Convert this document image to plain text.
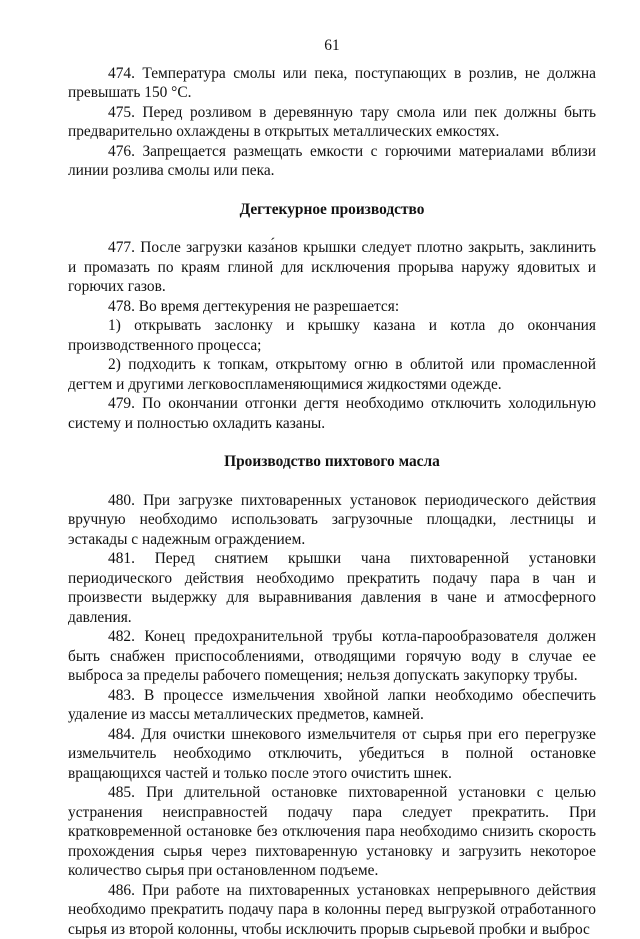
61

474. Температура смолы или пека, поступающих в розлив, не должна превышать 150 °С.

475. Перед розливом в деревянную тару смола или пек должны быть предварительно охлаждены в открытых металлических емкостях.

476. Запрещается размещать емкости с горючими материалами вблизи линии розлива смолы или пека.

Дегтекурное производство

477. После загрузки каза́нов крышки следует плотно закрыть, заклинить и промазать по краям глиной для исключения прорыва наружу ядовитых и горючих газов.

478. Во время дегтекурения не разрешается:

1) открывать заслонку и крышку казана и котла до окончания производственного процесса;

2) подходить к топкам, открытому огню в облитой или промасленной дегтем и другими легковоспламеняющимися жидкостями одежде.

479. По окончании отгонки дегтя необходимо отключить холодильную систему и полностью охладить казаны.

Производство пихтового масла

480. При загрузке пихтоваренных установок периодического действия вручную необходимо использовать загрузочные площадки, лестницы и эстакады с надежным ограждением.

481. Перед снятием крышки чана пихтоваренной установки периодического действия необходимо прекратить подачу пара в чан и произвести выдержку для выравнивания давления в чане и атмосферного давления.

482. Конец предохранительной трубы котла-парообразователя должен быть снабжен приспособлениями, отводящими горячую воду в случае ее выброса за пределы рабочего помещения; нельзя допускать закупорку трубы.

483. В процессе измельчения хвойной лапки необходимо обеспечить удаление из массы металлических предметов, камней.

484. Для очистки шнекового измельчителя от сырья при его перегрузке измельчитель необходимо отключить, убедиться в полной остановке вращающихся частей и только после этого очистить шнек.

485. При длительной остановке пихтоваренной установки с целью устранения неисправностей подачу пара следует прекратить. При кратковременной остановке без отключения пара необходимо снизить скорость прохождения сырья через пихтоваренную установку и загрузить некоторое количество сырья при остановленном подъеме.

486. При работе на пихтоваренных установках непрерывного действия необходимо прекратить подачу пара в колонны перед выгрузкой отработанного сырья из второй колонны, чтобы исключить прорыв сырьевой пробки и выброс
